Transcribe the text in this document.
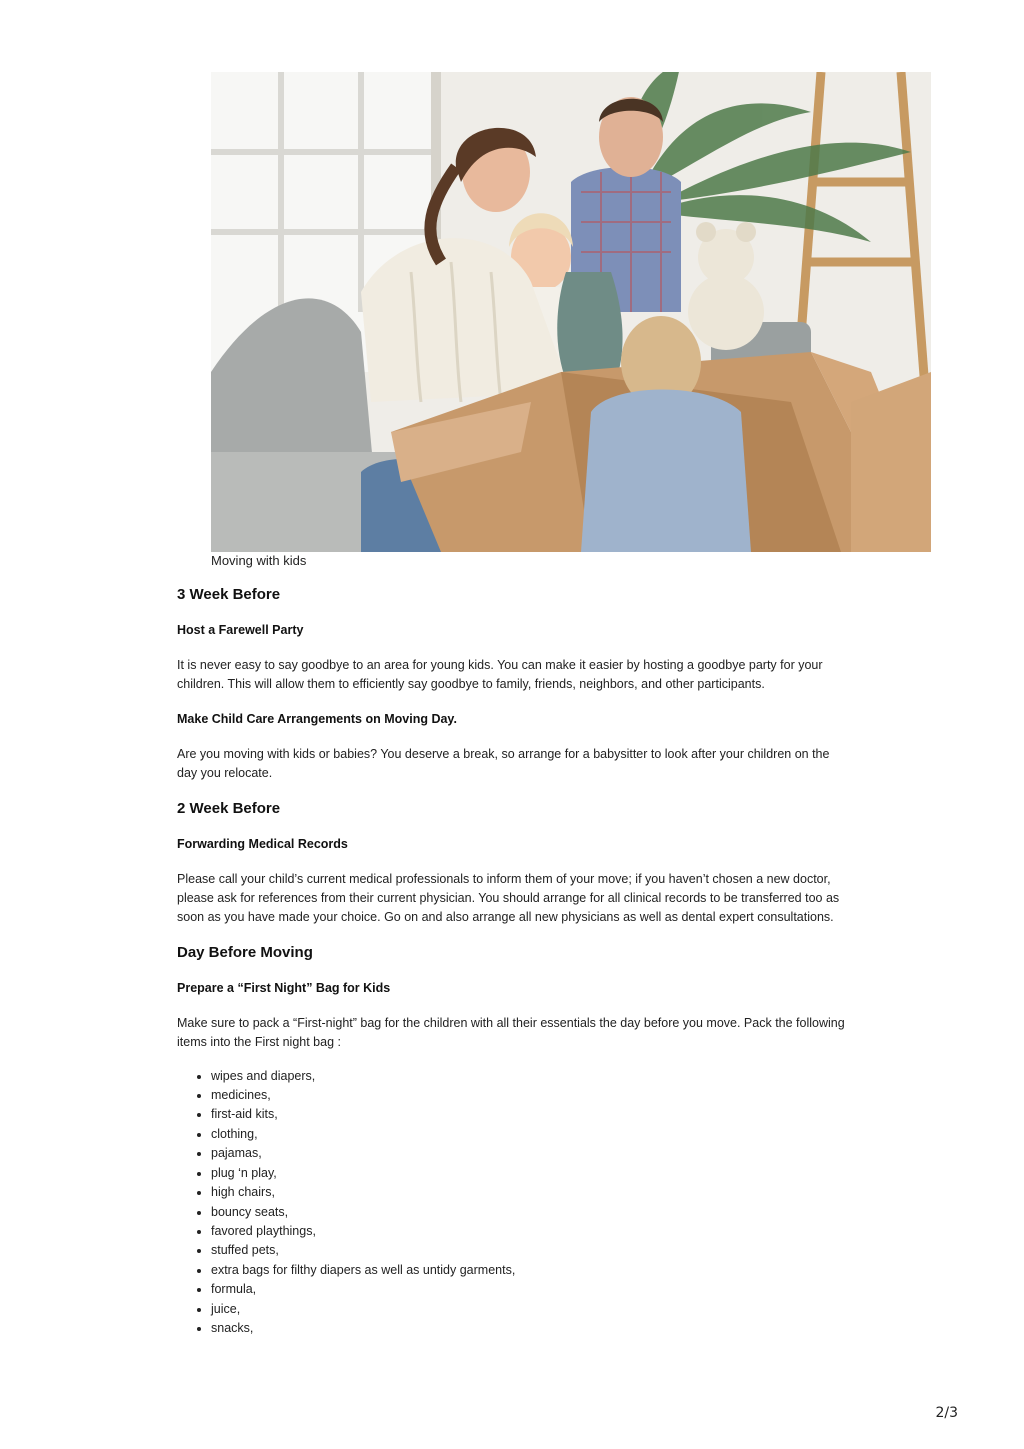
Moving with kids
3 Week Before
Host a Farewell Party

It is never easy to say goodbye to an area for young kids. You can make it easier by hosting a goodbye party for your children. This will allow them to efficiently say goodbye to family, friends, neighbors, and other participants.

Make Child Care Arrangements on Moving Day.

Are you moving with kids or babies? You deserve a break, so arrange for a babysitter to look after your children on the day you relocate.

2 Week Before
Forwarding Medical Records

Please call your child’s current medical professionals to inform them of your move; if you haven’t chosen a new doctor, please ask for references from their current physician. You should arrange for all clinical records to be transferred too as soon as you have made your choice. Go on and also arrange all new physicians as well as dental expert consultations.

Day Before Moving
Prepare a “First Night” Bag for Kids

Make sure to pack a “First-night” bag for the children with all their essentials the day before you move. Pack the following items into the First night bag :

• wipes and diapers,
• medicines,
• first-aid kits,
• clothing,
• pajamas,
• plug ‘n play,
• high chairs,
• bouncy seats,
• favored playthings,
• stuffed pets,
• extra bags for filthy diapers as well as untidy garments,
• formula,
• juice,
• snacks,
2/3
